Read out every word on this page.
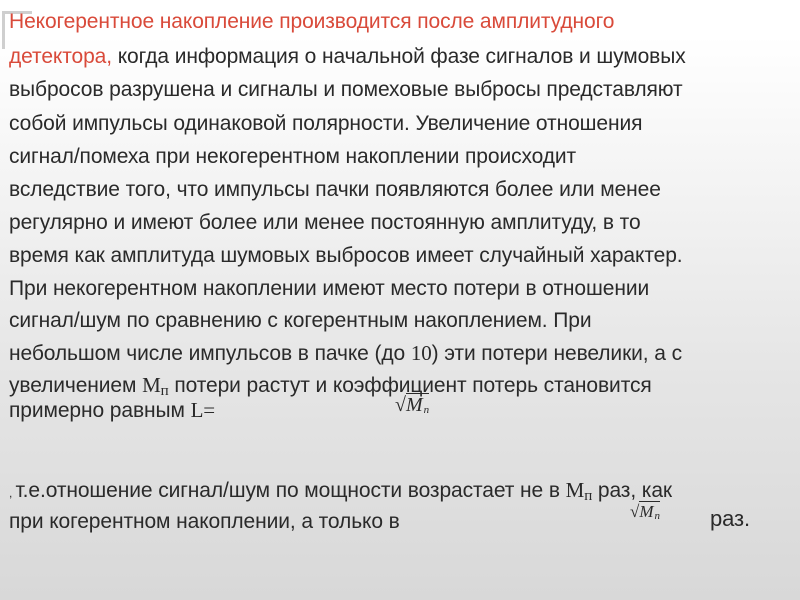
Некогерентное накопление производится после амплитудного
детектора, когда информация о начальной фазе сигналов и шумовых
выбросов разрушена и сигналы и помеховые выбросы представляют
собой импульсы одинаковой полярности. Увеличение отношения
сигнал/помеха при некогерентном накоплении происходит
вследствие того, что импульсы пачки появляются более или менее
регулярно и имеют более или менее постоянную амплитуду, в то
время как амплитуда шумовых выбросов имеет случайный характер.
При некогерентном накоплении имеют место потери в отношении
сигнал/шум по сравнению с когерентным накоплением. При
небольшом числе импульсов в пачке (до 10) эти потери невелики, а с
увеличением Mп потери растут и коэффициент потерь становится
примерно равным L=	√Mn
, т.е.отношение сигнал/шум по мощности возрастает не в Mп раз, как
при когерентном накоплении, а только в	√Mn раз.
